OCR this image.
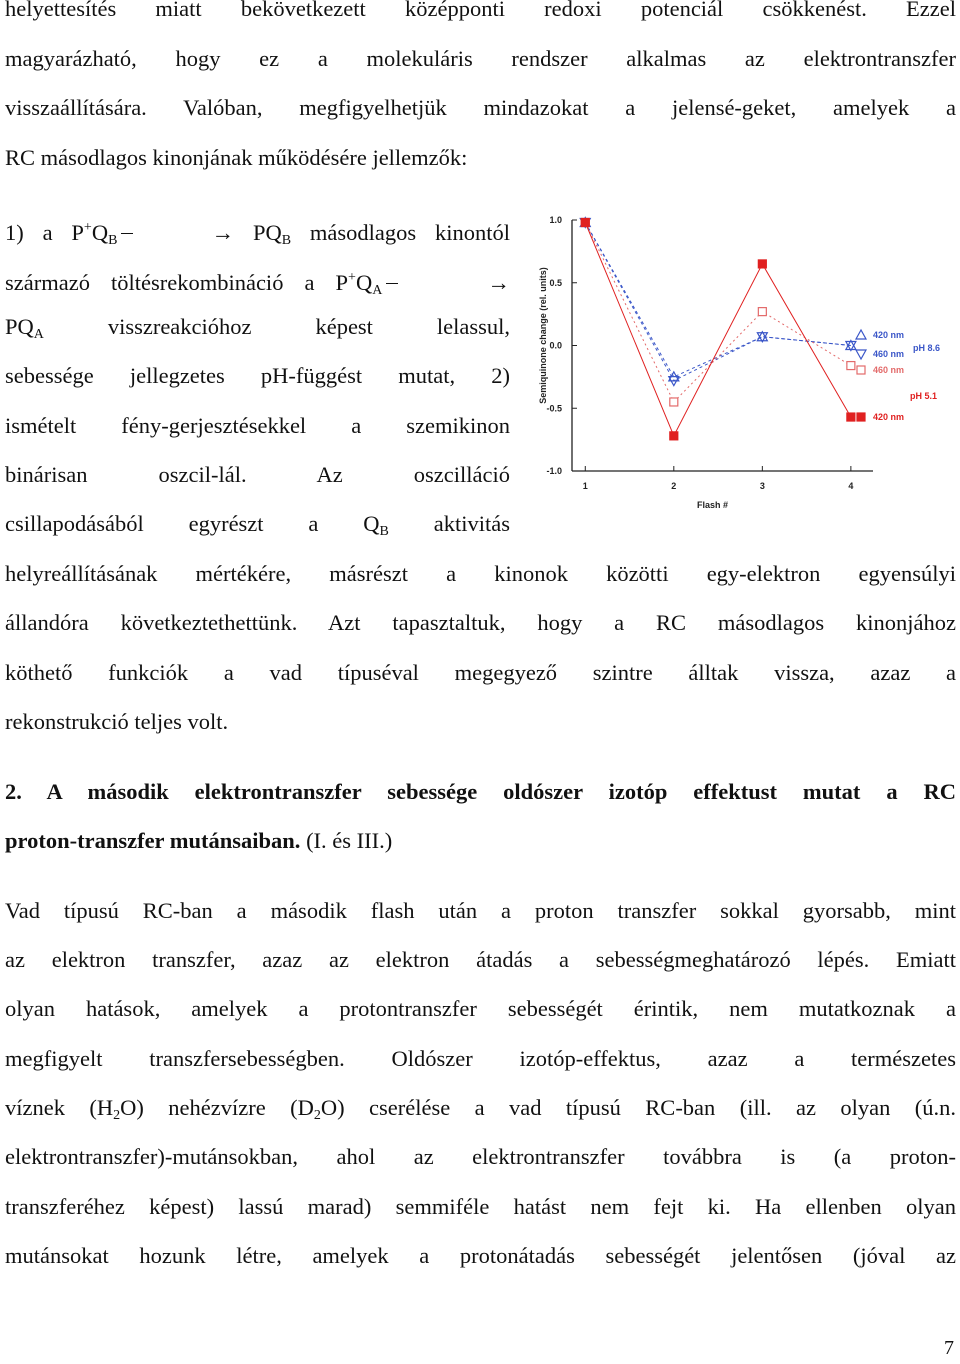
helyettesítés miatt bekövetkezett középponti redoxi potenciál csökkenést. Ezzel
magyarázható, hogy ez a molekuláris rendszer alkalmas az elektrontranszfer
visszaállítására. Valóban, megfigyelhetjük mindazokat a jelensé-geket, amelyek a
RC másodlagos kinonjának működésére jellemzők:
1) a $P^+Q_B$	→ $PQ_B$ másodlagos kinontól
származó töltésrekombináció a $P^+Q_A$	→
$PQ_A$ visszreakcióhoz képest lelassul,
sebessége jellegzetes pH-függést mutat, 2)
ismételt fény-gerjesztésekkel a szemikinon
binárisan oszcil-lál. Az oszcilláció
csillapodásából egyrészt a $Q_B$ aktivitás
helyreállításának mértékére, másrészt a kinonok közötti egy-elektron egyensúlyi
állandóra következtethettünk. Azt tapasztaltuk, hogy a RC másodlagos kinonjához
köthető funkciók a vad típuséval megegyező szintre álltak vissza, azaz a
rekonstrukció teljes volt.
2. A második elektrontranszfer sebessége oldószer izotóp effektust mutat a RC
proton-transzfer mutánsaiban. (I. és III.)
Vad típusú RC-ban a második flash után a proton transzfer sokkal gyorsabb, mint
az elektron transzfer, azaz az elektron átadás a sebességmeghatározó lépés. Emiatt
olyan hatások, amelyek a protontranszfer sebességét érintik, nem mutatkoznak a
megfigyelt transzfersebességben. Oldószer izotóp-effektus, azaz a természetes
víznek $(H_2O)$ nehézvízre $(D_2O)$ cserélése a vad típusú RC-ban (ill. az olyan (ú.n.
elektrontranszfer)-mutánsokban, ahol az elektrontranszfer továbbra is (a proton-
transzferéhez képest) lassú marad) semmiféle hatást nem fejt ki. Ha ellenben olyan
mutánsokat hozunk létre, amelyek a protonátadás sebességét jelentősen (jóval az
1.0
0.5
0.0
-0.5
-1.0
1	2	3	4
Flash #
Semiquinone change (rel. units)	420 nm
460 nm
460 nm
420 nm
pH 8.6
pH 5.1
7
